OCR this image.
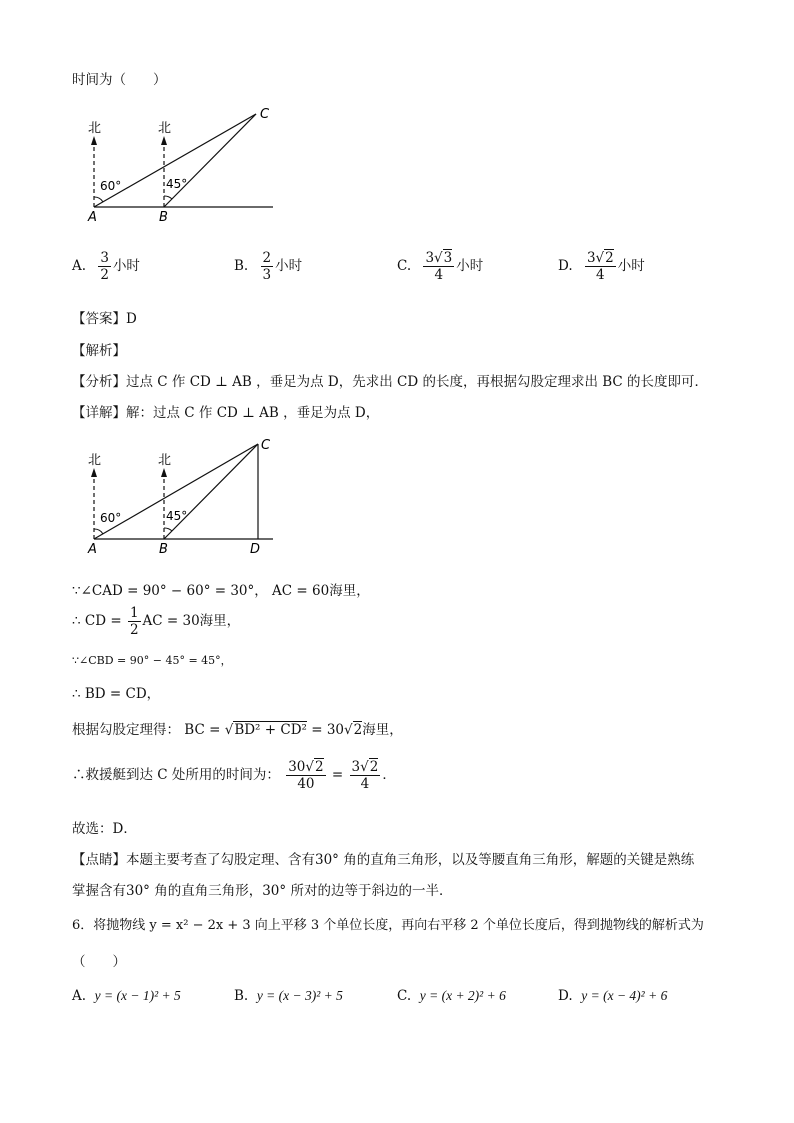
时间为（　　）
北	北
60°	45°
A	B
C
A. $\frac{3}{2}$ 小时	B. $\frac{2}{3}$ 小时	C. $\frac{3√3}{4}$ 小时	D. $\frac{3√2}{4}$ 小时
【答案】D
【解析】
【分析】过点 C 作 CD ⊥ AB ，垂足为点 D，先求出 CD 的长度，再根据勾股定理求出 BC 的长度即可．
【详解】解：过点 C 作 CD ⊥ AB ，垂足为点 D，
北	北
60°	45°
A	B
C
D
∵∠CAD = 90° − 60° = 30°， AC = 60海里，
∴ CD = $\frac{1}{2}$ AC = 30海里，
∵∠CBD = 90° − 45° = 45°，
∴ BD = CD，
根据勾股定理得： BC = √BD² + CD² = 30√2海里，
∴救援艇到达 C 处所用的时间为： $\frac{30√2}{40} = \frac{3√2}{4}$ ．
故选：D．
【点睛】本题主要考查了勾股定理、含有30° 角的直角三角形，以及等腰直角三角形，解题的关键是熟练
掌握含有30° 角的直角三角形，30° 所对的边等于斜边的一半．
6．将抛物线 y = x² − 2x + 3 向上平移 3 个单位长度，再向右平移 2 个单位长度后，得到抛物线的解析式为
（　　）
A. y = (x − 1)² + 5	B. y = (x − 3)² + 5	C. y = (x + 2)² + 6	D. y = (x − 4)² + 6
